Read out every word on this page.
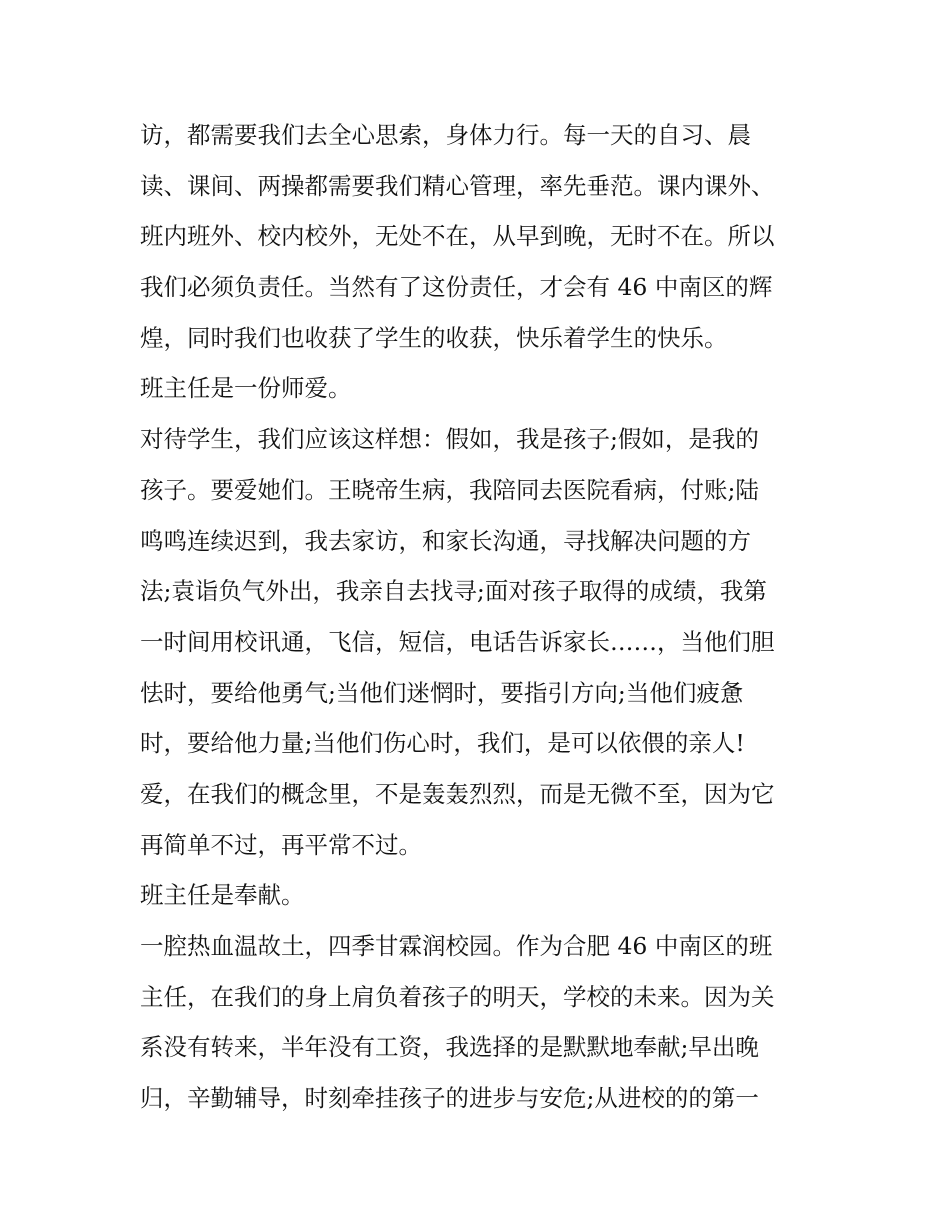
访，都需要我们去全心思索，身体力行。每一天的自习、晨
读、课间、两操都需要我们精心管理，率先垂范。课内课外、
班内班外、校内校外，无处不在，从早到晚，无时不在。所以
我们必须负责任。当然有了这份责任，才会有 46 中南区的辉
煌，同时我们也收获了学生的收获，快乐着学生的快乐。
班主任是一份师爱。
对待学生，我们应该这样想：假如，我是孩子;假如，是我的
孩子。要爱她们。王晓帝生病，我陪同去医院看病，付账;陆
鸣鸣连续迟到，我去家访，和家长沟通，寻找解决问题的方
法;袁诣负气外出，我亲自去找寻;面对孩子取得的成绩，我第
一时间用校讯通，飞信，短信，电话告诉家长……，当他们胆
怯时，要给他勇气;当他们迷惘时，要指引方向;当他们疲惫
时，要给他力量;当他们伤心时，我们，是可以依偎的亲人!
爱，在我们的概念里，不是轰轰烈烈，而是无微不至，因为它
再简单不过，再平常不过。
班主任是奉献。
一腔热血温故土，四季甘霖润校园。作为合肥 46 中南区的班
主任，在我们的身上肩负着孩子的明天，学校的未来。因为关
系没有转来，半年没有工资，我选择的是默默地奉献;早出晚
归，辛勤辅导，时刻牵挂孩子的进步与安危;从进校的的第一
